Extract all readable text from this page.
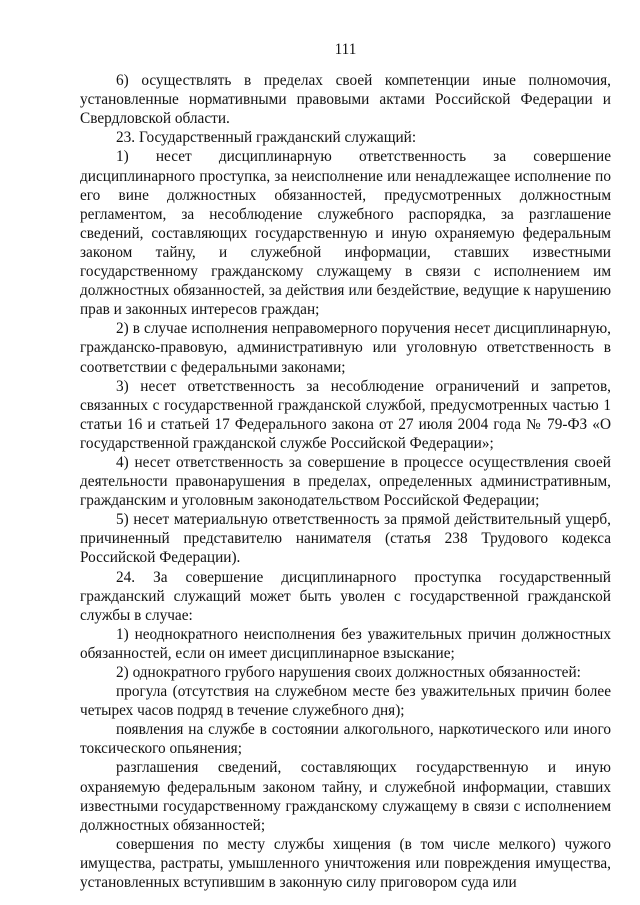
111

6) осуществлять в пределах своей компетенции иные полномочия, установленные нормативными правовыми актами Российской Федерации и Свердловской области.

23. Государственный гражданский служащий:

1) несет дисциплинарную ответственность за совершение дисциплинарного проступка, за неисполнение или ненадлежащее исполнение по его вине должностных обязанностей, предусмотренных должностным регламентом, за несоблюдение служебного распорядка, за разглашение сведений, составляющих государственную и иную охраняемую федеральным законом тайну, и служебной информации, ставших известными государственному гражданскому служащему в связи с исполнением им должностных обязанностей, за действия или бездействие, ведущие к нарушению прав и законных интересов граждан;

2) в случае исполнения неправомерного поручения несет дисциплинарную, гражданско-правовую, административную или уголовную ответственность в соответствии с федеральными законами;

3) несет ответственность за несоблюдение ограничений и запретов, связанных с государственной гражданской службой, предусмотренных частью 1 статьи 16 и статьей 17 Федерального закона от 27 июля 2004 года № 79-ФЗ «О государственной гражданской службе Российской Федерации»;

4) несет ответственность за совершение в процессе осуществления своей деятельности правонарушения в пределах, определенных административным, гражданским и уголовным законодательством Российской Федерации;

5) несет материальную ответственность за прямой действительный ущерб, причиненный представителю нанимателя (статья 238 Трудового кодекса Российской Федерации).

24. За совершение дисциплинарного проступка государственный гражданский служащий может быть уволен с государственной гражданской службы в случае:

1) неоднократного неисполнения без уважительных причин должностных обязанностей, если он имеет дисциплинарное взыскание;

2) однократного грубого нарушения своих должностных обязанностей:

прогула (отсутствия на служебном месте без уважительных причин более четырех часов подряд в течение служебного дня);

появления на службе в состоянии алкогольного, наркотического или иного токсического опьянения;

разглашения сведений, составляющих государственную и иную охраняемую федеральным законом тайну, и служебной информации, ставших известными государственному гражданскому служащему в связи с исполнением должностных обязанностей;

совершения по месту службы хищения (в том числе мелкого) чужого имущества, растраты, умышленного уничтожения или повреждения имущества, установленных вступившим в законную силу приговором суда или
